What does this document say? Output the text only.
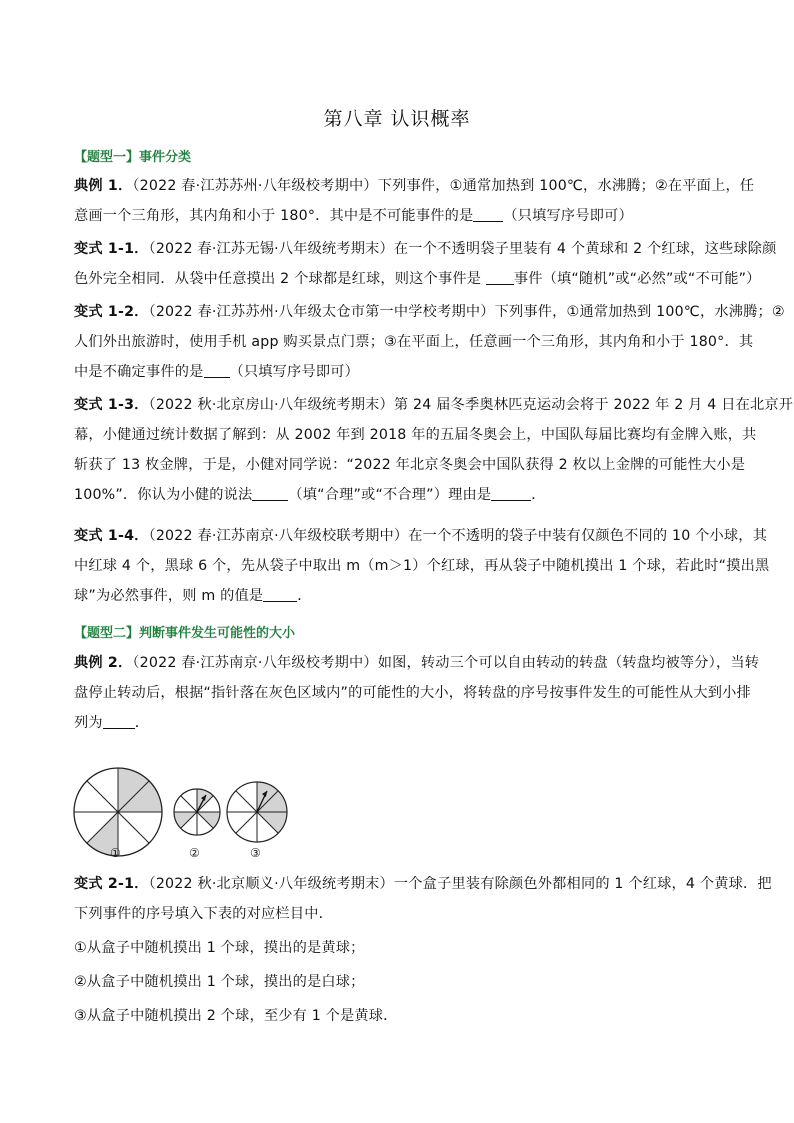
第八章 认识概率
【题型一】事件分类
典例 1．（2022 春·江苏苏州·八年级校考期中）下列事件，①通常加热到 100℃，水沸腾；②在平面上，任
意画一个三角形，其内角和小于 180°．其中是不可能事件的是 （只填写序号即可）
变式 1-1．（2022 春·江苏无锡·八年级统考期末）在一个不透明袋子里装有 4 个黄球和 2 个红球，这些球除颜
色外完全相同．从袋中任意摸出 2 个球都是红球，则这个事件是 事件（填“随机”或“必然”或“不可能”）
变式 1-2．（2022 春·江苏苏州·八年级太仓市第一中学校考期中）下列事件，①通常加热到 100℃，水沸腾；②
人们外出旅游时，使用手机 app 购买景点门票；③在平面上，任意画一个三角形，其内角和小于 180°．其
中是不确定事件的是 （只填写序号即可）
变式 1-3．（2022 秋·北京房山·八年级统考期末）第 24 届冬季奥林匹克运动会将于 2022 年 2 月 4 日在北京开
幕，小健通过统计数据了解到：从 2002 年到 2018 年的五届冬奥会上，中国队每届比赛均有金牌入账，共
斩获了 13 枚金牌，于是，小健对同学说：“2022 年北京冬奥会中国队获得 2 枚以上金牌的可能性大小是
100%”．你认为小健的说法	（填“合理”或“不合理”）理由是	．
变式 1-4．（2022 春·江苏南京·八年级校联考期中）在一个不透明的袋子中装有仅颜色不同的 10 个小球，其
中红球 4 个，黑球 6 个，先从袋子中取出 m（m＞1）个红球，再从袋子中随机摸出 1 个球，若此时“摸出黑
球”为必然事件，则 m 的值是 ．
【题型二】判断事件发生可能性的大小
典例 2．（2022 春·江苏南京·八年级校考期中）如图，转动三个可以自由转动的转盘（转盘均被等分），当转
盘停止转动后，根据“指针落在灰色区域内”的可能性的大小，将转盘的序号按事件发生的可能性从大到小排
列为 ．
①	②	③
变式 2-1．（2022 秋·北京顺义·八年级统考期末）一个盒子里装有除颜色外都相同的 1 个红球，4 个黄球．把
下列事件的序号填入下表的对应栏目中．
①从盒子中随机摸出 1 个球，摸出的是黄球；
②从盒子中随机摸出 1 个球，摸出的是白球；
③从盒子中随机摸出 2 个球，至少有 1 个是黄球．
